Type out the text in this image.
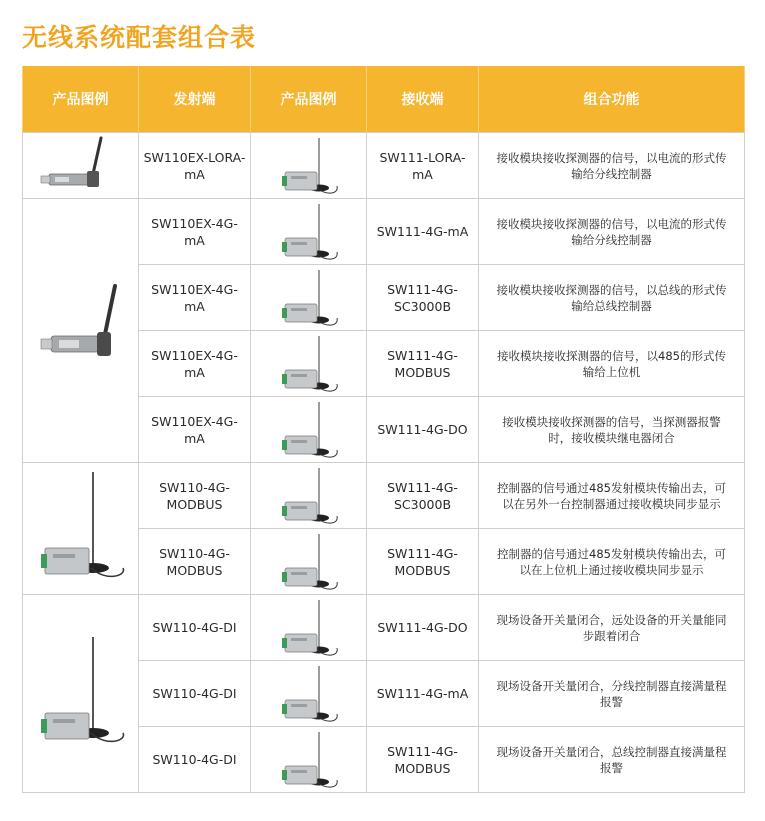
无线系统配套组合表
产品图例	发射端	产品图例	接收端	组合功能

	SW110EX-LORA-mA		SW111-LORA-mA	接收模块接收探测器的信号，以电流的形式传输给分线控制器

	SW110EX-4G-mA		SW111-4G-mA	接收模块接收探测器的信号，以电流的形式传输给分线控制器
	SW110EX-4G-mA		SW111-4G-SC3000B	接收模块接收探测器的信号，以总线的形式传输给总线控制器
	SW110EX-4G-mA		SW111-4G-MODBUS	接收模块接收探测器的信号，以485的形式传输给上位机
	SW110EX-4G-mA		SW111-4G-DO	接收模块接收探测器的信号，当探测器报警时，接收模块继电器闭合

	SW110-4G-MODBUS		SW111-4G-SC3000B	控制器的信号通过485发射模块传输出去，可以在另外一台控制器通过接收模块同步显示
	SW110-4G-MODBUS		SW111-4G-MODBUS	控制器的信号通过485发射模块传输出去，可以在上位机上通过接收模块同步显示

	SW110-4G-DI		SW111-4G-DO	现场设备开关量闭合，远处设备的开关量能同步跟着闭合
	SW110-4G-DI		SW111-4G-mA	现场设备开关量闭合，分线控制器直接满量程报警
	SW110-4G-DI		SW111-4G-MODBUS	现场设备开关量闭合，总线控制器直接满量程报警
